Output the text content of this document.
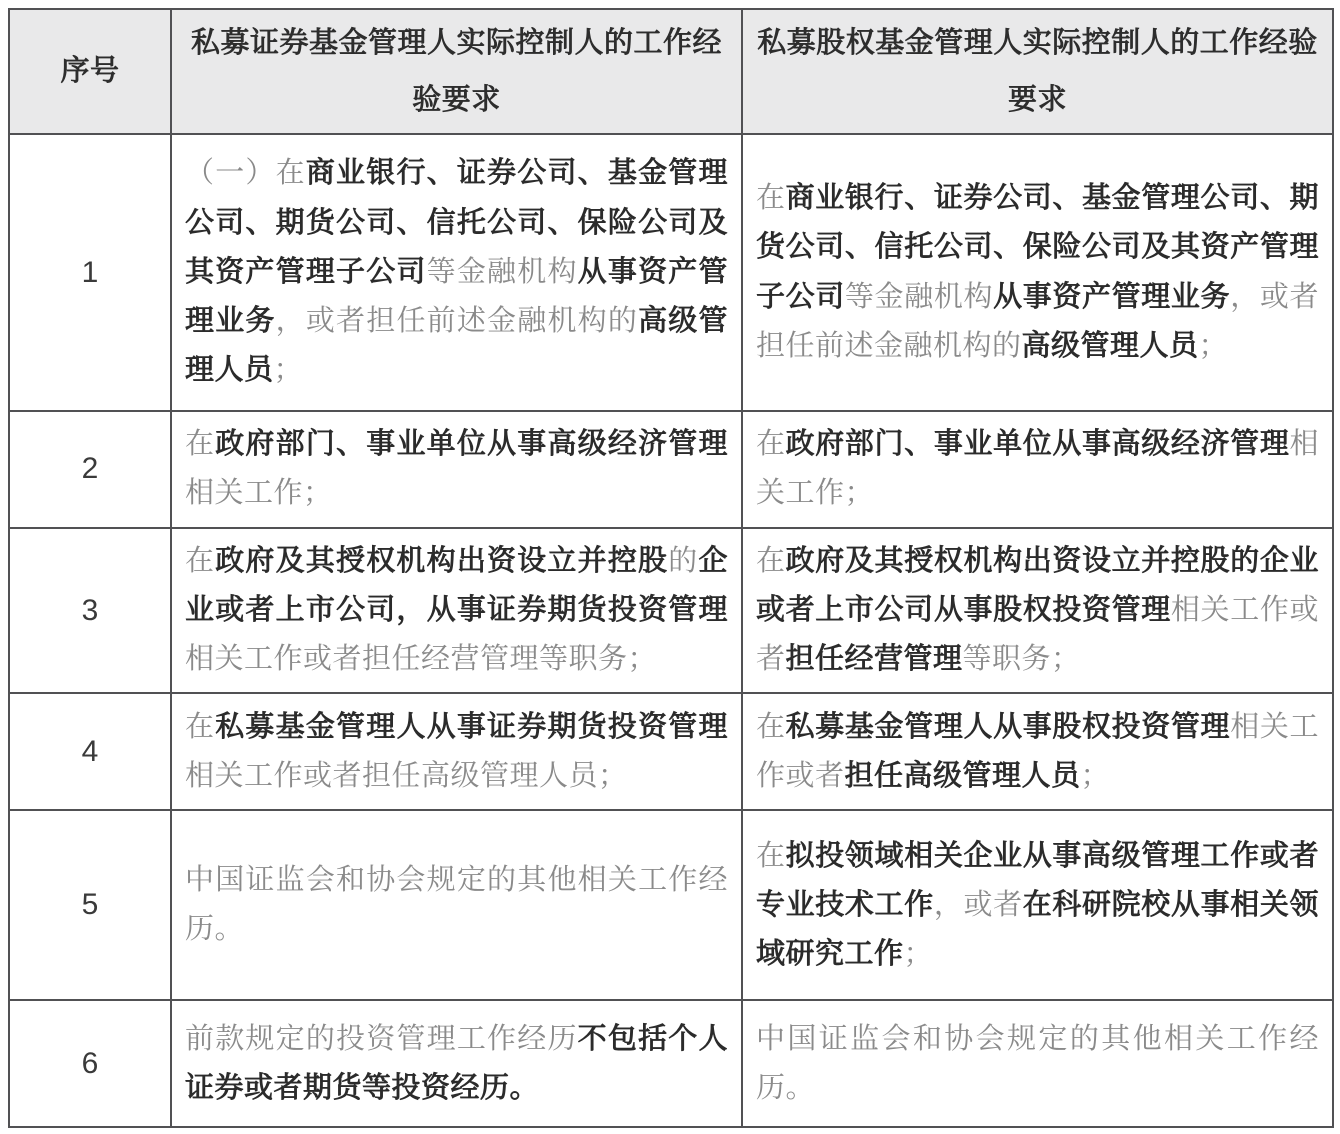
序号	私募证券基金管理人实际控制人的工作经验要求	私募股权基金管理人实际控制人的工作经验要求
1	（一）在商业银行、证券公司、基金管理公司、期货公司、信托公司、保险公司及其资产管理子公司等金融机构从事资产管理业务，或者担任前述金融机构的高级管理人员；	在商业银行、证券公司、基金管理公司、期货公司、信托公司、保险公司及其资产管理子公司等金融机构从事资产管理业务，或者担任前述金融机构的高级管理人员；
2	在政府部门、事业单位从事高级经济管理相关工作；	在政府部门、事业单位从事高级经济管理相关工作；
3	在政府及其授权机构出资设立并控股的企业或者上市公司，从事证券期货投资管理相关工作或者担任经营管理等职务；	在政府及其授权机构出资设立并控股的企业或者上市公司从事股权投资管理相关工作或者担任经营管理等职务；
4	在私募基金管理人从事证券期货投资管理相关工作或者担任高级管理人员；	在私募基金管理人从事股权投资管理相关工作或者担任高级管理人员；
5	中国证监会和协会规定的其他相关工作经历。	在拟投领域相关企业从事高级管理工作或者专业技术工作，或者在科研院校从事相关领域研究工作；
6	前款规定的投资管理工作经历不包括个人证券或者期货等投资经历。	中国证监会和协会规定的其他相关工作经历。
